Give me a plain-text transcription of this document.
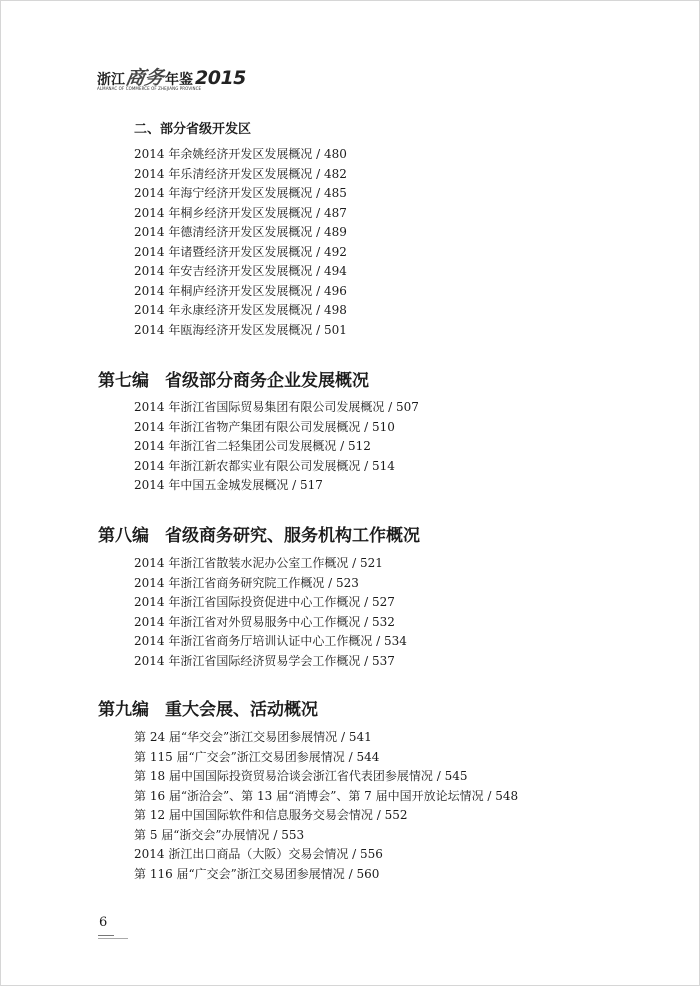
浙江商务年鉴 2015
ALMANAC OF COMMERCE OF ZHEJIANG PROVINCE
二、部分省级开发区
2014 年余姚经济开发区发展概况 / 480
2014 年乐清经济开发区发展概况 / 482
2014 年海宁经济开发区发展概况 / 485
2014 年桐乡经济开发区发展概况 / 487
2014 年德清经济开发区发展概况 / 489
2014 年诸暨经济开发区发展概况 / 492
2014 年安吉经济开发区发展概况 / 494
2014 年桐庐经济开发区发展概况 / 496
2014 年永康经济开发区发展概况 / 498
2014 年瓯海经济开发区发展概况 / 501
第七编 省级部分商务企业发展概况
2014 年浙江省国际贸易集团有限公司发展概况 / 507
2014 年浙江省物产集团有限公司发展概况 / 510
2014 年浙江省二轻集团公司发展概况 / 512
2014 年浙江新农都实业有限公司发展概况 / 514
2014 年中国五金城发展概况 / 517
第八编 省级商务研究、服务机构工作概况
2014 年浙江省散装水泥办公室工作概况 / 521
2014 年浙江省商务研究院工作概况 / 523
2014 年浙江省国际投资促进中心工作概况 / 527
2014 年浙江省对外贸易服务中心工作概况 / 532
2014 年浙江省商务厅培训认证中心工作概况 / 534
2014 年浙江省国际经济贸易学会工作概况 / 537
第九编 重大会展、活动概况
第 24 届“华交会”浙江交易团参展情况 / 541
第 115 届“广交会”浙江交易团参展情况 / 544
第 18 届中国国际投资贸易洽谈会浙江省代表团参展情况 / 545
第 16 届“浙洽会”、第 13 届“消博会”、第 7 届中国开放论坛情况 / 548
第 12 届中国国际软件和信息服务交易会情况 / 552
第 5 届“浙交会”办展情况 / 553
2014 浙江出口商品（大阪）交易会情况 / 556
第 116 届“广交会”浙江交易团参展情况 / 560
6
